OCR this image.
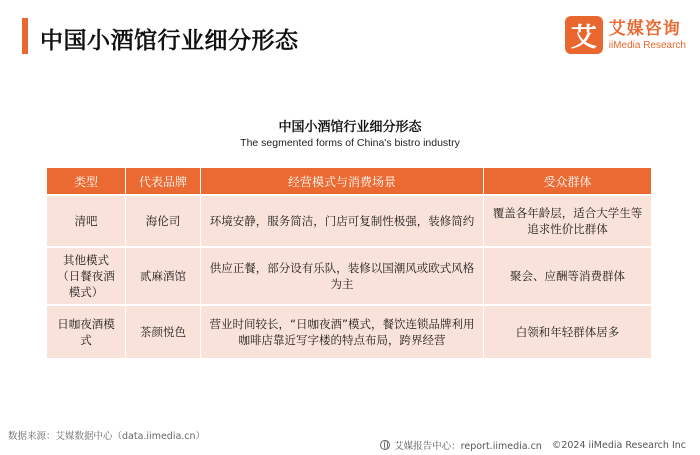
中国小酒馆行业细分形态	艾 艾媒咨询
iiMedia Research
中国小酒馆行业细分形态
The segmented forms of China's bistro industry
类型	代表品牌	经营模式与消费场景	受众群体
清吧	海伦司	环境安静，服务简洁，门店可复制性极强，装修简约	覆盖各年龄层，适合大学生等追求性价比群体
其他模式（日餐夜酒模式）	贰麻酒馆	供应正餐，部分设有乐队，装修以国潮风或欧式风格为主	聚会、应酬等消费群体
日咖夜酒模式	茶颜悦色	营业时间较长，“日咖夜酒”模式，餐饮连锁品牌利用咖啡店靠近写字楼的特点布局，跨界经营	白领和年轻群体居多
数据来源：艾媒数据中心（data.iimedia.cn）
艾媒报告中心：report.iimedia.cn ©2024 iiMedia Research Inc
